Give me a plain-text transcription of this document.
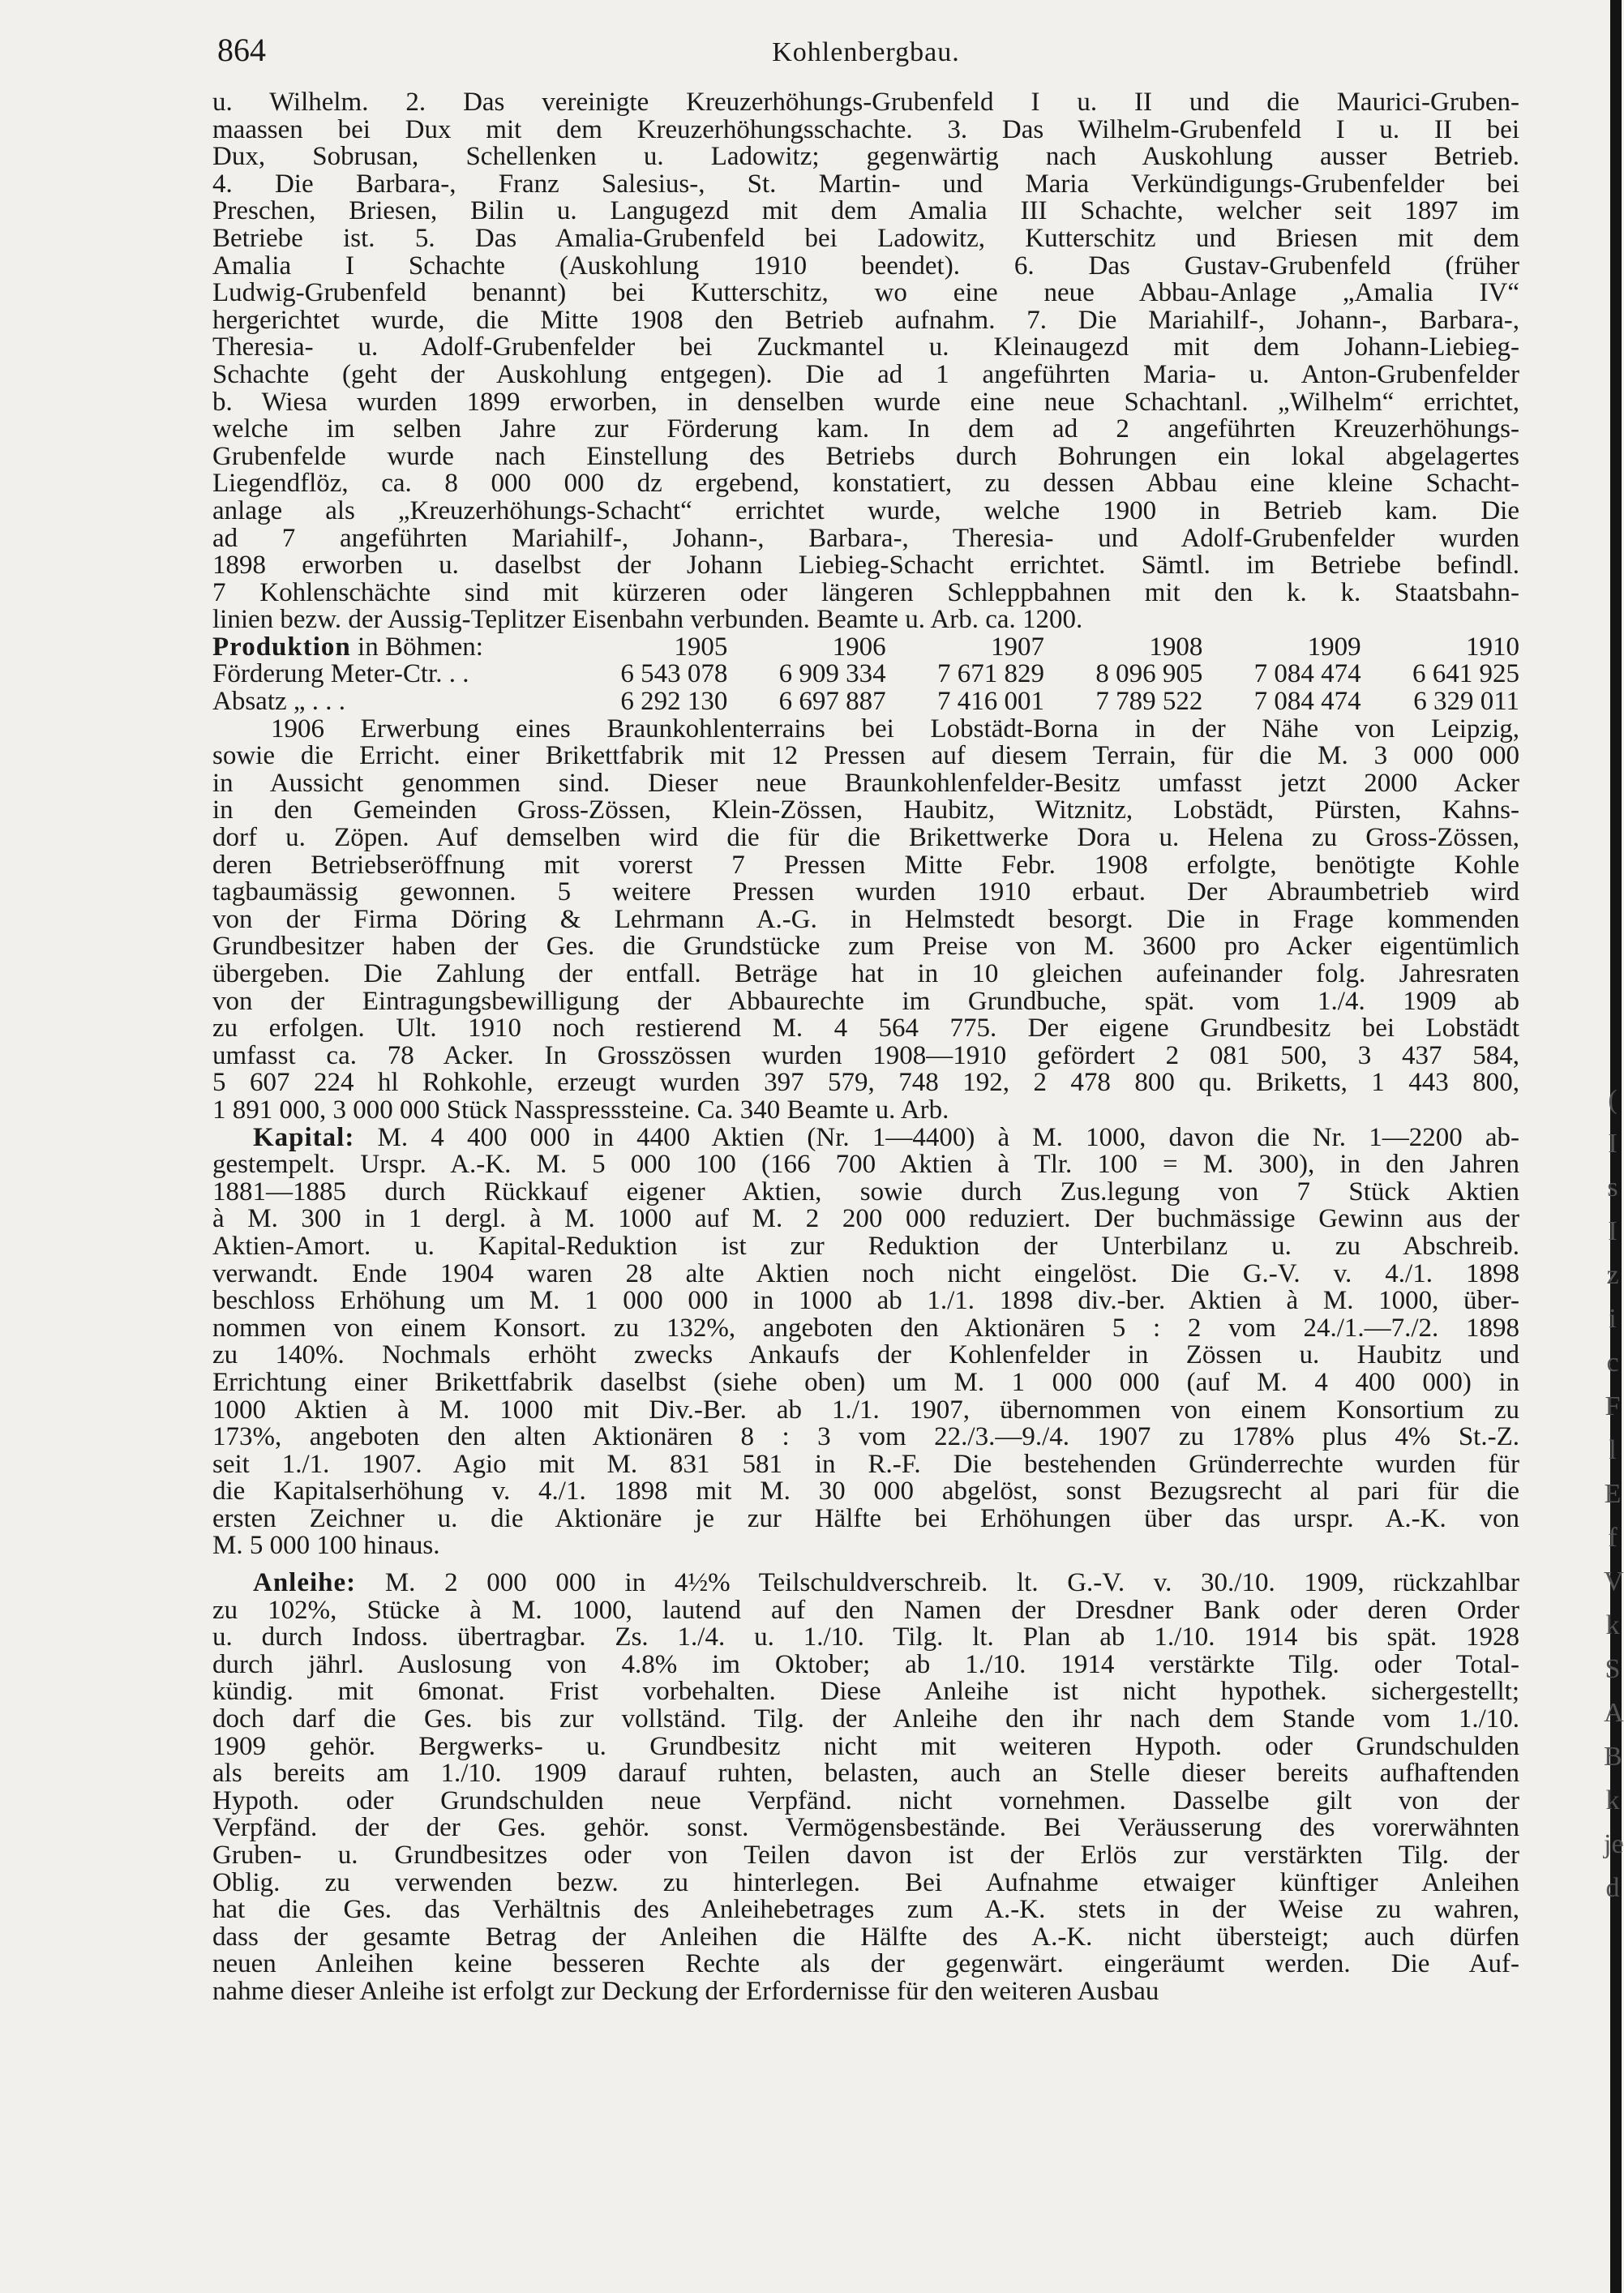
(
I
s
I
z
i
c
F
l
E
f
V
k
S
A
B
k
je
d
864	Kohlenbergbau.

u. Wilhelm. 2. Das vereinigte Kreuzerhöhungs-Grubenfeld I u. II und die Maurici-Gruben-

maassen bei Dux mit dem Kreuzerhöhungsschachte. 3. Das Wilhelm-Grubenfeld I u. II bei

Dux, Sobrusan, Schellenken u. Ladowitz; gegenwärtig nach Auskohlung ausser Betrieb.

4. Die Barbara-, Franz Salesius-, St. Martin- und Maria Verkündigungs-Grubenfelder bei

Preschen, Briesen, Bilin u. Langugezd mit dem Amalia III Schachte, welcher seit 1897 im

Betriebe ist. 5. Das Amalia-Grubenfeld bei Ladowitz, Kutterschitz und Briesen mit dem

Amalia I Schachte (Auskohlung 1910 beendet). 6. Das Gustav-Grubenfeld (früher

Ludwig-Grubenfeld benannt) bei Kutterschitz, wo eine neue Abbau-Anlage „Amalia IV“

hergerichtet wurde, die Mitte 1908 den Betrieb aufnahm. 7. Die Mariahilf-, Johann-, Barbara-,

Theresia- u. Adolf-Grubenfelder bei Zuckmantel u. Kleinaugezd mit dem Johann-Liebieg-

Schachte (geht der Auskohlung entgegen). Die ad 1 angeführten Maria- u. Anton-Grubenfelder

b. Wiesa wurden 1899 erworben, in denselben wurde eine neue Schachtanl. „Wilhelm“ errichtet,

welche im selben Jahre zur Förderung kam. In dem ad 2 angeführten Kreuzerhöhungs-

Grubenfelde wurde nach Einstellung des Betriebs durch Bohrungen ein lokal abgelagertes

Liegendflöz, ca. 8 000 000 dz ergebend, konstatiert, zu dessen Abbau eine kleine Schacht-

anlage als „Kreuzerhöhungs-Schacht“ errichtet wurde, welche 1900 in Betrieb kam. Die

ad 7 angeführten Mariahilf-, Johann-, Barbara-, Theresia- und Adolf-Grubenfelder wurden

1898 erworben u. daselbst der Johann Liebieg-Schacht errichtet. Sämtl. im Betriebe befindl.

7 Kohlenschächte sind mit kürzeren oder längeren Schleppbahnen mit den k. k. Staatsbahn-

linien bezw. der Aussig-Teplitzer Eisenbahn verbunden. Beamte u. Arb. ca. 1200.

Produktion in Böhmen:	1905	1906	1907	1908	1909	1910
Förderung Meter-Ctr. . .	6 543 078	6 909 334	7 671 829	8 096 905	7 084 474	6 641 925
Absatz „ . . .	6 292 130	6 697 887	7 416 001	7 789 522	7 084 474	6 329 011

1906 Erwerbung eines Braunkohlenterrains bei Lobstädt-Borna in der Nähe von Leipzig,

sowie die Erricht. einer Brikettfabrik mit 12 Pressen auf diesem Terrain, für die M. 3 000 000

in Aussicht genommen sind. Dieser neue Braunkohlenfelder-Besitz umfasst jetzt 2000 Acker

in den Gemeinden Gross-Zössen, Klein-Zössen, Haubitz, Witznitz, Lobstädt, Pürsten, Kahns-

dorf u. Zöpen. Auf demselben wird die für die Brikettwerke Dora u. Helena zu Gross-Zössen,

deren Betriebseröffnung mit vorerst 7 Pressen Mitte Febr. 1908 erfolgte, benötigte Kohle

tagbaumässig gewonnen. 5 weitere Pressen wurden 1910 erbaut. Der Abraumbetrieb wird

von der Firma Döring & Lehrmann A.-G. in Helmstedt besorgt. Die in Frage kommenden

Grundbesitzer haben der Ges. die Grundstücke zum Preise von M. 3600 pro Acker eigentümlich

übergeben. Die Zahlung der entfall. Beträge hat in 10 gleichen aufeinander folg. Jahresraten

von der Eintragungsbewilligung der Abbaurechte im Grundbuche, spät. vom 1./4. 1909 ab

zu erfolgen. Ult. 1910 noch restierend M. 4 564 775. Der eigene Grundbesitz bei Lobstädt

umfasst ca. 78 Acker. In Grosszössen wurden 1908—1910 gefördert 2 081 500, 3 437 584,

5 607 224 hl Rohkohle, erzeugt wurden 397 579, 748 192, 2 478 800 qu. Briketts, 1 443 800,

1 891 000, 3 000 000 Stück Nasspresssteine. Ca. 340 Beamte u. Arb.

Kapital: M. 4 400 000 in 4400 Aktien (Nr. 1—4400) à M. 1000, davon die Nr. 1—2200 ab-

gestempelt. Urspr. A.-K. M. 5 000 100 (166 700 Aktien à Tlr. 100 = M. 300), in den Jahren

1881—1885 durch Rückkauf eigener Aktien, sowie durch Zus.legung von 7 Stück Aktien

à M. 300 in 1 dergl. à M. 1000 auf M. 2 200 000 reduziert. Der buchmässige Gewinn aus der

Aktien-Amort. u. Kapital-Reduktion ist zur Reduktion der Unterbilanz u. zu Abschreib.

verwandt. Ende 1904 waren 28 alte Aktien noch nicht eingelöst. Die G.-V. v. 4./1. 1898

beschloss Erhöhung um M. 1 000 000 in 1000 ab 1./1. 1898 div.-ber. Aktien à M. 1000, über-

nommen von einem Konsort. zu 132%, angeboten den Aktionären 5 : 2 vom 24./1.—7./2. 1898

zu 140%. Nochmals erhöht zwecks Ankaufs der Kohlenfelder in Zössen u. Haubitz und

Errichtung einer Brikettfabrik daselbst (siehe oben) um M. 1 000 000 (auf M. 4 400 000) in

1000 Aktien à M. 1000 mit Div.-Ber. ab 1./1. 1907, übernommen von einem Konsortium zu

173%, angeboten den alten Aktionären 8 : 3 vom 22./3.—9./4. 1907 zu 178% plus 4% St.-Z.

seit 1./1. 1907. Agio mit M. 831 581 in R.-F. Die bestehenden Gründerrechte wurden für

die Kapitalserhöhung v. 4./1. 1898 mit M. 30 000 abgelöst, sonst Bezugsrecht al pari für die

ersten Zeichner u. die Aktionäre je zur Hälfte bei Erhöhungen über das urspr. A.-K. von

M. 5 000 100 hinaus.

Anleihe: M. 2 000 000 in 4½% Teilschuldverschreib. lt. G.-V. v. 30./10. 1909, rückzahlbar

zu 102%, Stücke à M. 1000, lautend auf den Namen der Dresdner Bank oder deren Order

u. durch Indoss. übertragbar. Zs. 1./4. u. 1./10. Tilg. lt. Plan ab 1./10. 1914 bis spät. 1928

durch jährl. Auslosung von 4.8% im Oktober; ab 1./10. 1914 verstärkte Tilg. oder Total-

kündig. mit 6monat. Frist vorbehalten. Diese Anleihe ist nicht hypothek. sichergestellt;

doch darf die Ges. bis zur vollständ. Tilg. der Anleihe den ihr nach dem Stande vom 1./10.

1909 gehör. Bergwerks- u. Grundbesitz nicht mit weiteren Hypoth. oder Grundschulden

als bereits am 1./10. 1909 darauf ruhten, belasten, auch an Stelle dieser bereits aufhaftenden

Hypoth. oder Grundschulden neue Verpfänd. nicht vornehmen. Dasselbe gilt von der

Verpfänd. der der Ges. gehör. sonst. Vermögensbestände. Bei Veräusserung des vorerwähnten

Gruben- u. Grundbesitzes oder von Teilen davon ist der Erlös zur verstärkten Tilg. der

Oblig. zu verwenden bezw. zu hinterlegen. Bei Aufnahme etwaiger künftiger Anleihen

hat die Ges. das Verhältnis des Anleihebetrages zum A.-K. stets in der Weise zu wahren,

dass der gesamte Betrag der Anleihen die Hälfte des A.-K. nicht übersteigt; auch dürfen

neuen Anleihen keine besseren Rechte als der gegenwärt. eingeräumt werden. Die Auf-

nahme dieser Anleihe ist erfolgt zur Deckung der Erfordernisse für den weiteren Ausbau
